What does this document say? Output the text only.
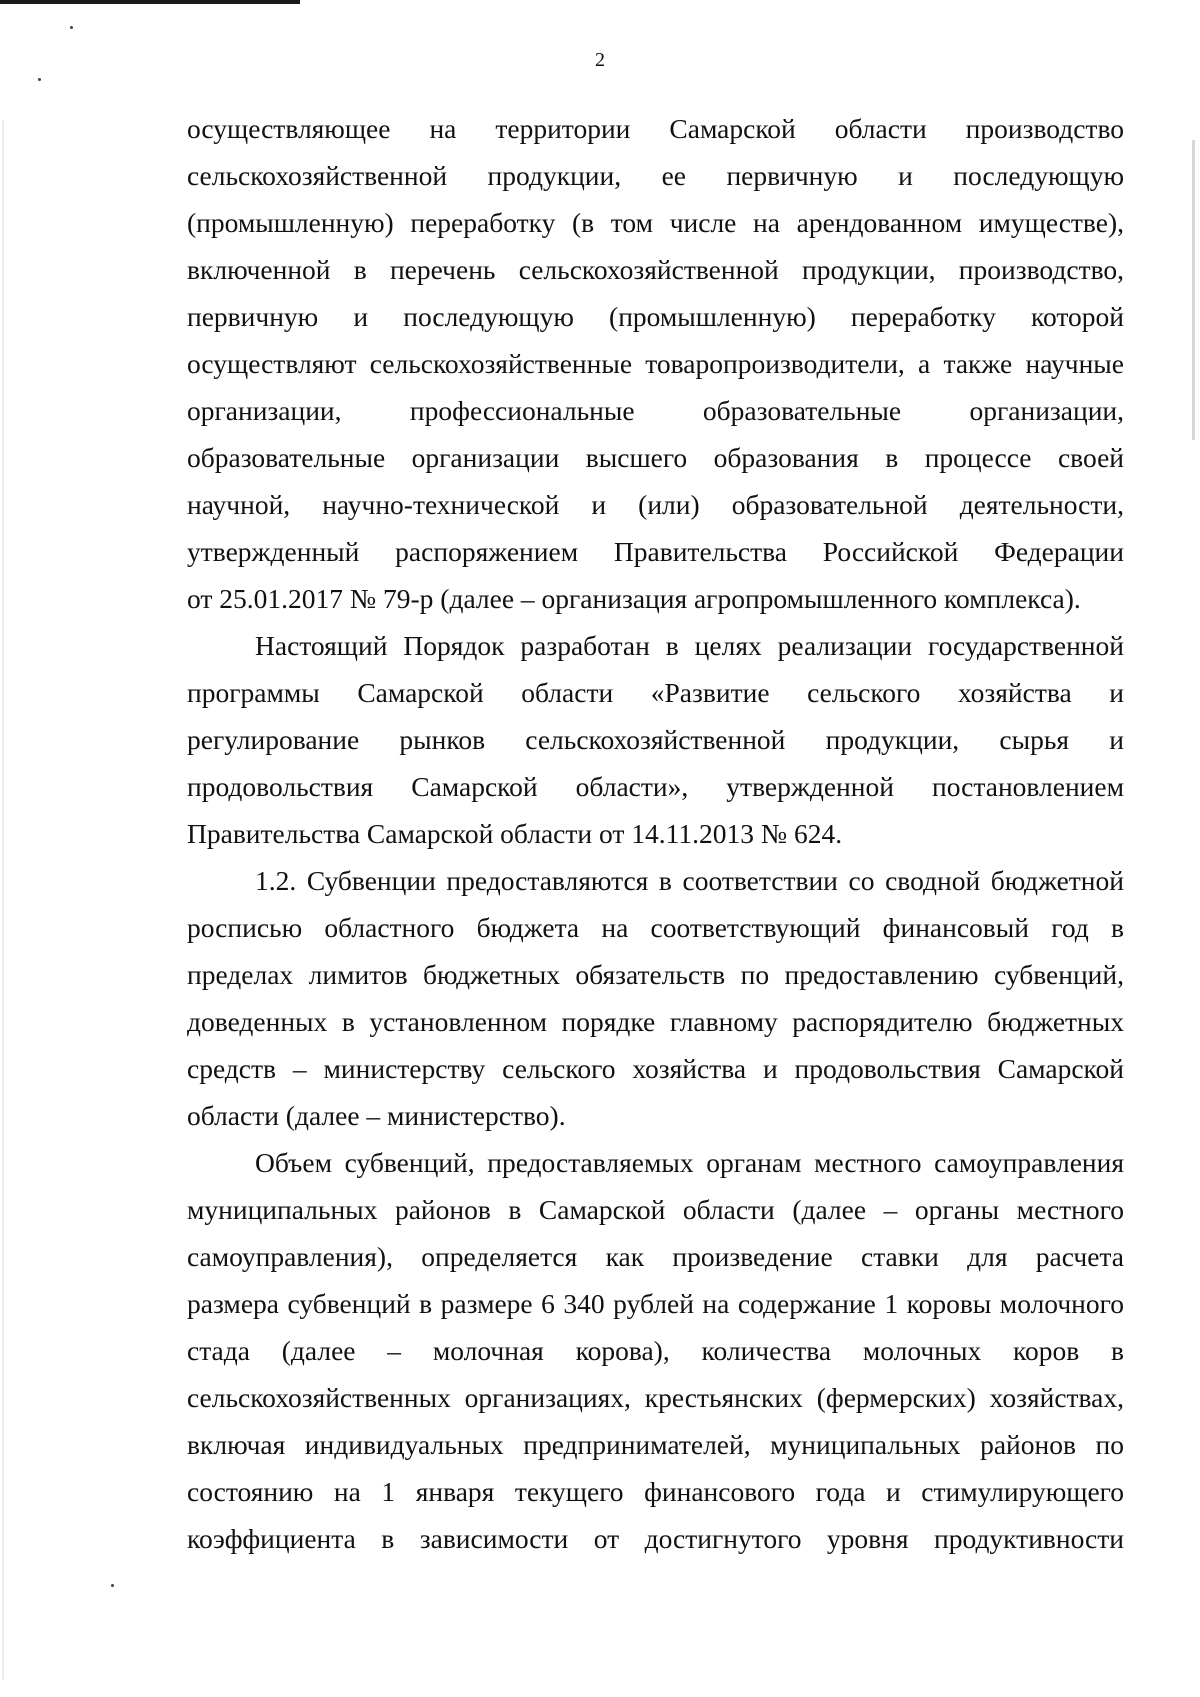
2
осуществляющее на территории Самарской области производство
сельскохозяйственной продукции, ее первичную и последующую
(промышленную) переработку (в том числе на арендованном имуществе),
включенной в перечень сельскохозяйственной продукции, производство,
первичную и последующую (промышленную) переработку которой
осуществляют сельскохозяйственные товаропроизводители, а также научные
организации, профессиональные образовательные организации,
образовательные организации высшего образования в процессе своей
научной, научно-технической и (или) образовательной деятельности,
утвержденный распоряжением Правительства Российской Федерации
от 25.01.2017 № 79-р (далее – организация агропромышленного комплекса).
Настоящий Порядок разработан в целях реализации государственной
программы Самарской области «Развитие сельского хозяйства и
регулирование рынков сельскохозяйственной продукции, сырья и
продовольствия Самарской области», утвержденной постановлением
Правительства Самарской области от 14.11.2013 № 624.
1.2. Субвенции предоставляются в соответствии со сводной бюджетной
росписью областного бюджета на соответствующий финансовый год в
пределах лимитов бюджетных обязательств по предоставлению субвенций,
доведенных в установленном порядке главному распорядителю бюджетных
средств – министерству сельского хозяйства и продовольствия Самарской
области (далее – министерство).
Объем субвенций, предоставляемых органам местного самоуправления
муниципальных районов в Самарской области (далее – органы местного
самоуправления), определяется как произведение ставки для расчета
размера субвенций в размере 6 340 рублей на содержание 1 коровы молочного
стада (далее – молочная корова), количества молочных коров в
сельскохозяйственных организациях, крестьянских (фермерских) хозяйствах,
включая индивидуальных предпринимателей, муниципальных районов по
состоянию на 1 января текущего финансового года и стимулирующего
коэффициента в зависимости от достигнутого уровня продуктивности
